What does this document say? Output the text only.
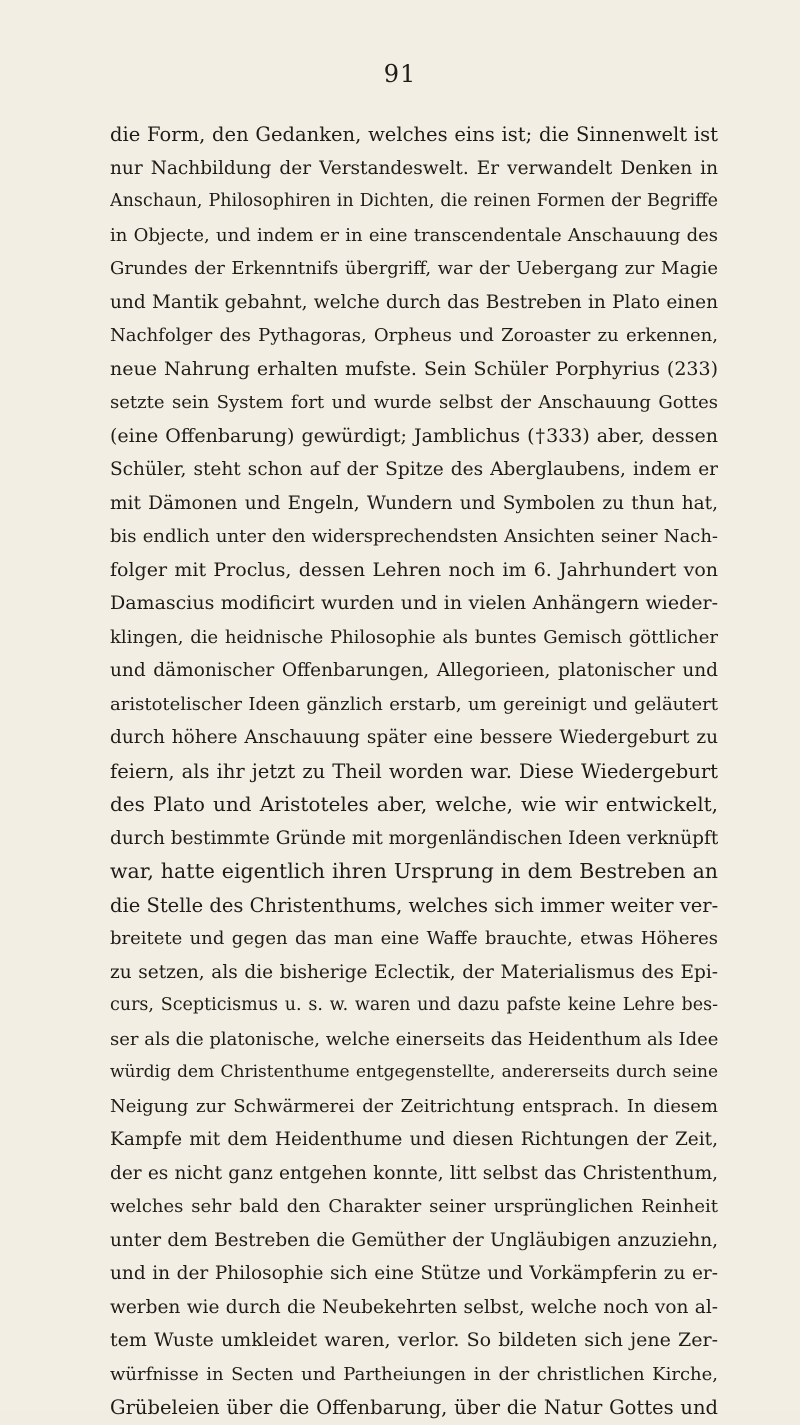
91
die Form, den Gedanken, welches eins ist; die Sinnenwelt ist
nur Nachbildung der Verstandeswelt. Er verwandelt Denken in
Anschaun, Philosophiren in Dichten, die reinen Formen der Begriffe
in Objecte, und indem er in eine transcendentale Anschauung des
Grundes der Erkenntnifs übergriff, war der Uebergang zur Magie
und Mantik gebahnt, welche durch das Bestreben in Plato einen
Nachfolger des Pythagoras, Orpheus und Zoroaster zu erkennen,
neue Nahrung erhalten mufste. Sein Schüler Porphyrius (233)
setzte sein System fort und wurde selbst der Anschauung Gottes
(eine Offenbarung) gewürdigt; Jamblichus (†333) aber, dessen
Schüler, steht schon auf der Spitze des Aberglaubens, indem er
mit Dämonen und Engeln, Wundern und Symbolen zu thun hat,
bis endlich unter den widersprechendsten Ansichten seiner Nach-
folger mit Proclus, dessen Lehren noch im 6. Jahrhundert von
Damascius modificirt wurden und in vielen Anhängern wieder-
klingen, die heidnische Philosophie als buntes Gemisch göttlicher
und dämonischer Offenbarungen, Allegorieen, platonischer und
aristotelischer Ideen gänzlich erstarb, um gereinigt und geläutert
durch höhere Anschauung später eine bessere Wiedergeburt zu
feiern, als ihr jetzt zu Theil worden war. Diese Wiedergeburt
des Plato und Aristoteles aber, welche, wie wir entwickelt,
durch bestimmte Gründe mit morgenländischen Ideen verknüpft
war, hatte eigentlich ihren Ursprung in dem Bestreben an
die Stelle des Christenthums, welches sich immer weiter ver-
breitete und gegen das man eine Waffe brauchte, etwas Höheres
zu setzen, als die bisherige Eclectik, der Materialismus des Epi-
curs, Scepticismus u. s. w. waren und dazu pafste keine Lehre bes-
ser als die platonische, welche einerseits das Heidenthum als Idee
würdig dem Christenthume entgegenstellte, andererseits durch seine
Neigung zur Schwärmerei der Zeitrichtung entsprach. In diesem
Kampfe mit dem Heidenthume und diesen Richtungen der Zeit,
der es nicht ganz entgehen konnte, litt selbst das Christenthum,
welches sehr bald den Charakter seiner ursprünglichen Reinheit
unter dem Bestreben die Gemüther der Ungläubigen anzuziehn,
und in der Philosophie sich eine Stütze und Vorkämpferin zu er-
werben wie durch die Neubekehrten selbst, welche noch von al-
tem Wuste umkleidet waren, verlor. So bildeten sich jene Zer-
würfnisse in Secten und Partheiungen in der christlichen Kirche,
Grübeleien über die Offenbarung, über die Natur Gottes und
